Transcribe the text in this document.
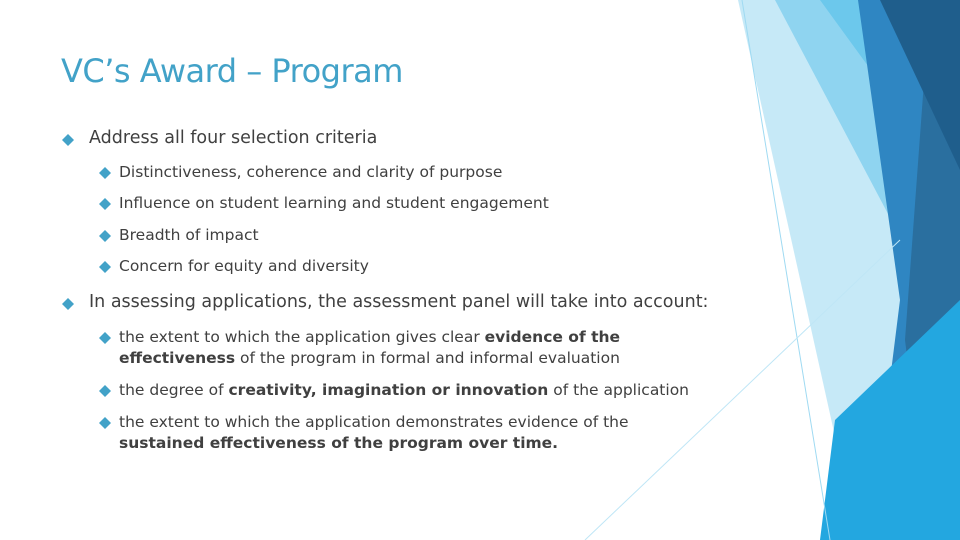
VC’s Award – Program
Address all four selection criteria
Distinctiveness, coherence and clarity of purpose
Influence on student learning and student engagement
Breadth of impact
Concern for equity and diversity
In assessing applications, the assessment panel will take into account:
the extent to which the application gives clear evidence of the
effectiveness of the program in formal and informal evaluation
the degree of creativity, imagination or innovation of the application
the extent to which the application demonstrates evidence of the
sustained effectiveness of the program over time.
